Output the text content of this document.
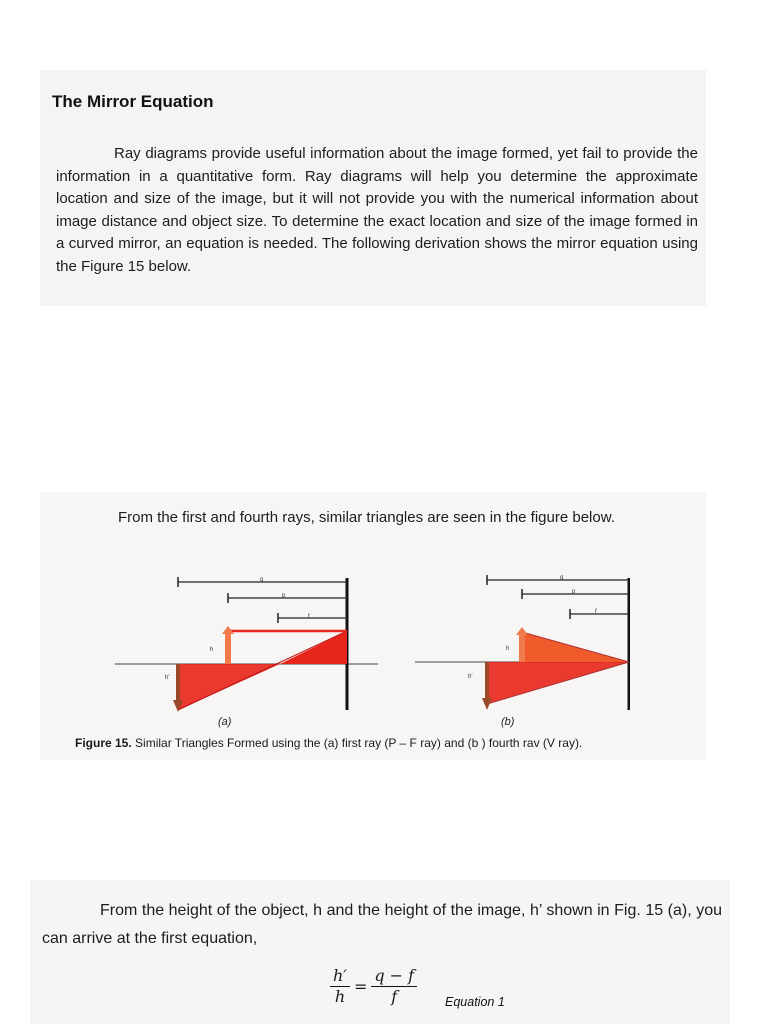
The Mirror Equation
Ray diagrams provide useful information about the image formed, yet fail to provide the information in a quantitative form. Ray diagrams will help you determine the approximate location and size of the image, but it will not provide you with the numerical information about image distance and object size. To determine the exact location and size of the image formed in a curved mirror, an equation is needed. The following derivation shows the mirror equation using the Figure 15 below.
From the first and fourth rays, similar triangles are seen in the figure below.
q
p
f
h
h'
q
p
f
h
h'
(a)	(b)
Figure 15. Similar Triangles Formed using the (a) first ray (P – F ray) and (b ) fourth rav (V ray).
From the height of the object, h and the height of the image, h’ shown in Fig. 15 (a), you can arrive at the first equation,
$\frac{h'}{h} = \frac{q - f}{f}$ Equation 1
